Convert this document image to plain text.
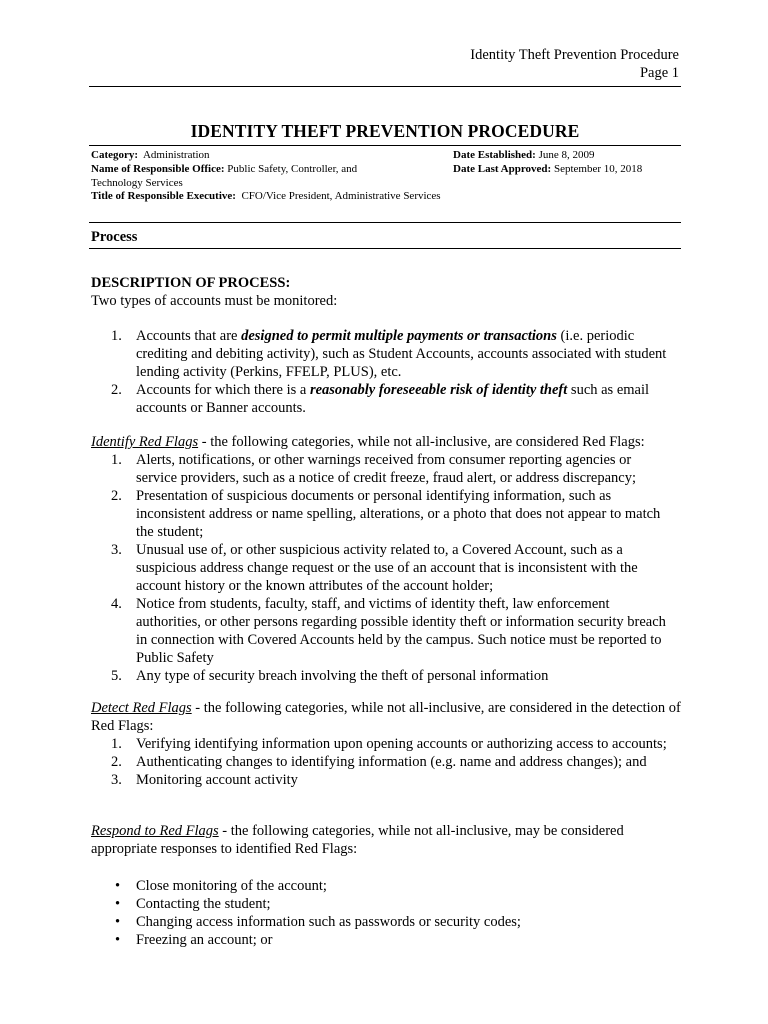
Identity Theft Prevention Procedure
Page 1
IDENTITY THEFT PREVENTION PROCEDURE
Category: Administration
Name of Responsible Office: Public Safety, Controller, and Technology Services
Date Established: June 8, 2009
Date Last Approved: September 10, 2018
Title of Responsible Executive: CFO/Vice President, Administrative Services
Process
DESCRIPTION OF PROCESS:
Two types of accounts must be monitored:
1. Accounts that are designed to permit multiple payments or transactions (i.e. periodic crediting and debiting activity), such as Student Accounts, accounts associated with student lending activity (Perkins, FFELP, PLUS), etc.
2. Accounts for which there is a reasonably foreseeable risk of identity theft such as email accounts or Banner accounts.
Identify Red Flags - the following categories, while not all-inclusive, are considered Red Flags:
1. Alerts, notifications, or other warnings received from consumer reporting agencies or service providers, such as a notice of credit freeze, fraud alert, or address discrepancy;
2. Presentation of suspicious documents or personal identifying information, such as inconsistent address or name spelling, alterations, or a photo that does not appear to match the student;
3. Unusual use of, or other suspicious activity related to, a Covered Account, such as a suspicious address change request or the use of an account that is inconsistent with the account history or the known attributes of the account holder;
4. Notice from students, faculty, staff, and victims of identity theft, law enforcement authorities, or other persons regarding possible identity theft or information security breach in connection with Covered Accounts held by the campus. Such notice must be reported to Public Safety
5. Any type of security breach involving the theft of personal information
Detect Red Flags - the following categories, while not all-inclusive, are considered in the detection of Red Flags:
1. Verifying identifying information upon opening accounts or authorizing access to accounts;
2. Authenticating changes to identifying information (e.g. name and address changes); and
3. Monitoring account activity
Respond to Red Flags - the following categories, while not all-inclusive, may be considered appropriate responses to identified Red Flags:
• Close monitoring of the account;
• Contacting the student;
• Changing access information such as passwords or security codes;
• Freezing an account; or
